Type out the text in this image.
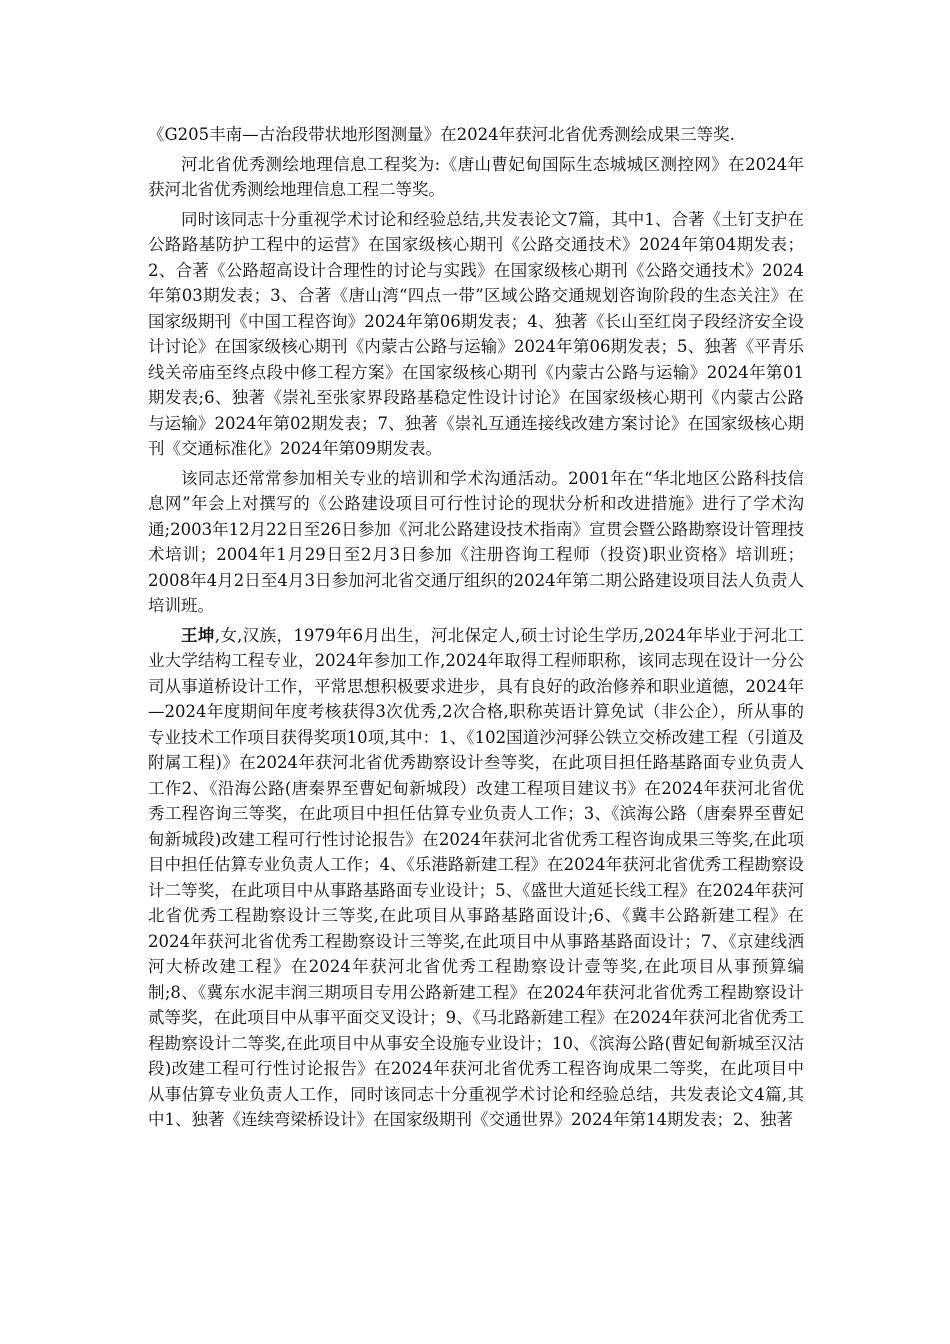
《G205丰南—古治段带状地形图测量》在2024年获河北省优秀测绘成果三等奖.

河北省优秀测绘地理信息工程奖为:《唐山曹妃甸国际生态城城区测控网》在2024年获河北省优秀测绘地理信息工程二等奖。

同时该同志十分重视学术讨论和经验总结,共发表论文7篇，其中1、合著《土钉支护在公路路基防护工程中的运营》在国家级核心期刊《公路交通技术》2024年第04期发表；2、合著《公路超高设计合理性的讨论与实践》在国家级核心期刊《公路交通技术》2024年第03期发表；3、合著《唐山湾“四点一带”区域公路交通规划咨询阶段的生态关注》在国家级期刊《中国工程咨询》2024年第06期发表；4、独著《长山至红岗子段经济安全设计讨论》在国家级核心期刊《内蒙古公路与运输》2024年第06期发表；5、独著《平青乐线关帝庙至终点段中修工程方案》在国家级核心期刊《内蒙古公路与运输》2024年第01期发表;6、独著《崇礼至张家界段路基稳定性设计讨论》在国家级核心期刊《内蒙古公路与运输》2024年第02期发表；7、独著《崇礼互通连接线改建方案讨论》在国家级核心期刊《交通标准化》2024年第09期发表。

该同志还常常参加相关专业的培训和学术沟通活动。2001年在“华北地区公路科技信息网”年会上对撰写的《公路建设项目可行性讨论的现状分析和改进措施》进行了学术沟通;2003年12月22日至26日参加《河北公路建设技术指南》宣贯会暨公路勘察设计管理技术培训；2004年1月29日至2月3日参加《注册咨询工程师（投资)职业资格》培训班；2008年4月2日至4月3日参加河北省交通厅组织的2024年第二期公路建设项目法人负责人培训班。

王坤,女,汉族，1979年6月出生，河北保定人,硕士讨论生学历,2024年毕业于河北工业大学结构工程专业，2024年参加工作,2024年取得工程师职称，该同志现在设计一分公司从事道桥设计工作，平常思想积极要求进步，具有良好的政治修养和职业道德，2024年—2024年度期间年度考核获得3次优秀,2次合格,职称英语计算免试（非公企），所从事的专业技术工作项目获得奖项10项,其中：1、《102国道沙河驿公铁立交桥改建工程（引道及附属工程)》在2024年获河北省优秀勘察设计叁等奖，在此项目担任路基路面专业负责人工作2、《沿海公路(唐秦界至曹妃甸新城段）改建工程项目建议书》在2024年获河北省优秀工程咨询三等奖，在此项目中担任估算专业负责人工作；3、《滨海公路（唐秦界至曹妃甸新城段)改建工程可行性讨论报告》在2024年获河北省优秀工程咨询成果三等奖,在此项目中担任估算专业负责人工作；4、《乐港路新建工程》在2024年获河北省优秀工程勘察设计二等奖，在此项目中从事路基路面专业设计；5、《盛世大道延长线工程》在2024年获河北省优秀工程勘察设计三等奖,在此项目从事路基路面设计;6、《冀丰公路新建工程》在2024年获河北省优秀工程勘察设计三等奖,在此项目中从事路基路面设计；7、《京建线洒河大桥改建工程》在2024年获河北省优秀工程勘察设计壹等奖,在此项目从事预算编制;8、《冀东水泥丰润三期项目专用公路新建工程》在2024年获河北省优秀工程勘察设计贰等奖，在此项目中从事平面交叉设计；9、《马北路新建工程》在2024年获河北省优秀工程勘察设计二等奖,在此项目中从事安全设施专业设计；10、《滨海公路(曹妃甸新城至汉沽段)改建工程可行性讨论报告》在2024年获河北省优秀工程咨询成果二等奖，在此项目中从事估算专业负责人工作，同时该同志十分重视学术讨论和经验总结，共发表论文4篇,其中1、独著《连续弯梁桥设计》在国家级期刊《交通世界》2024年第14期发表；2、独著
